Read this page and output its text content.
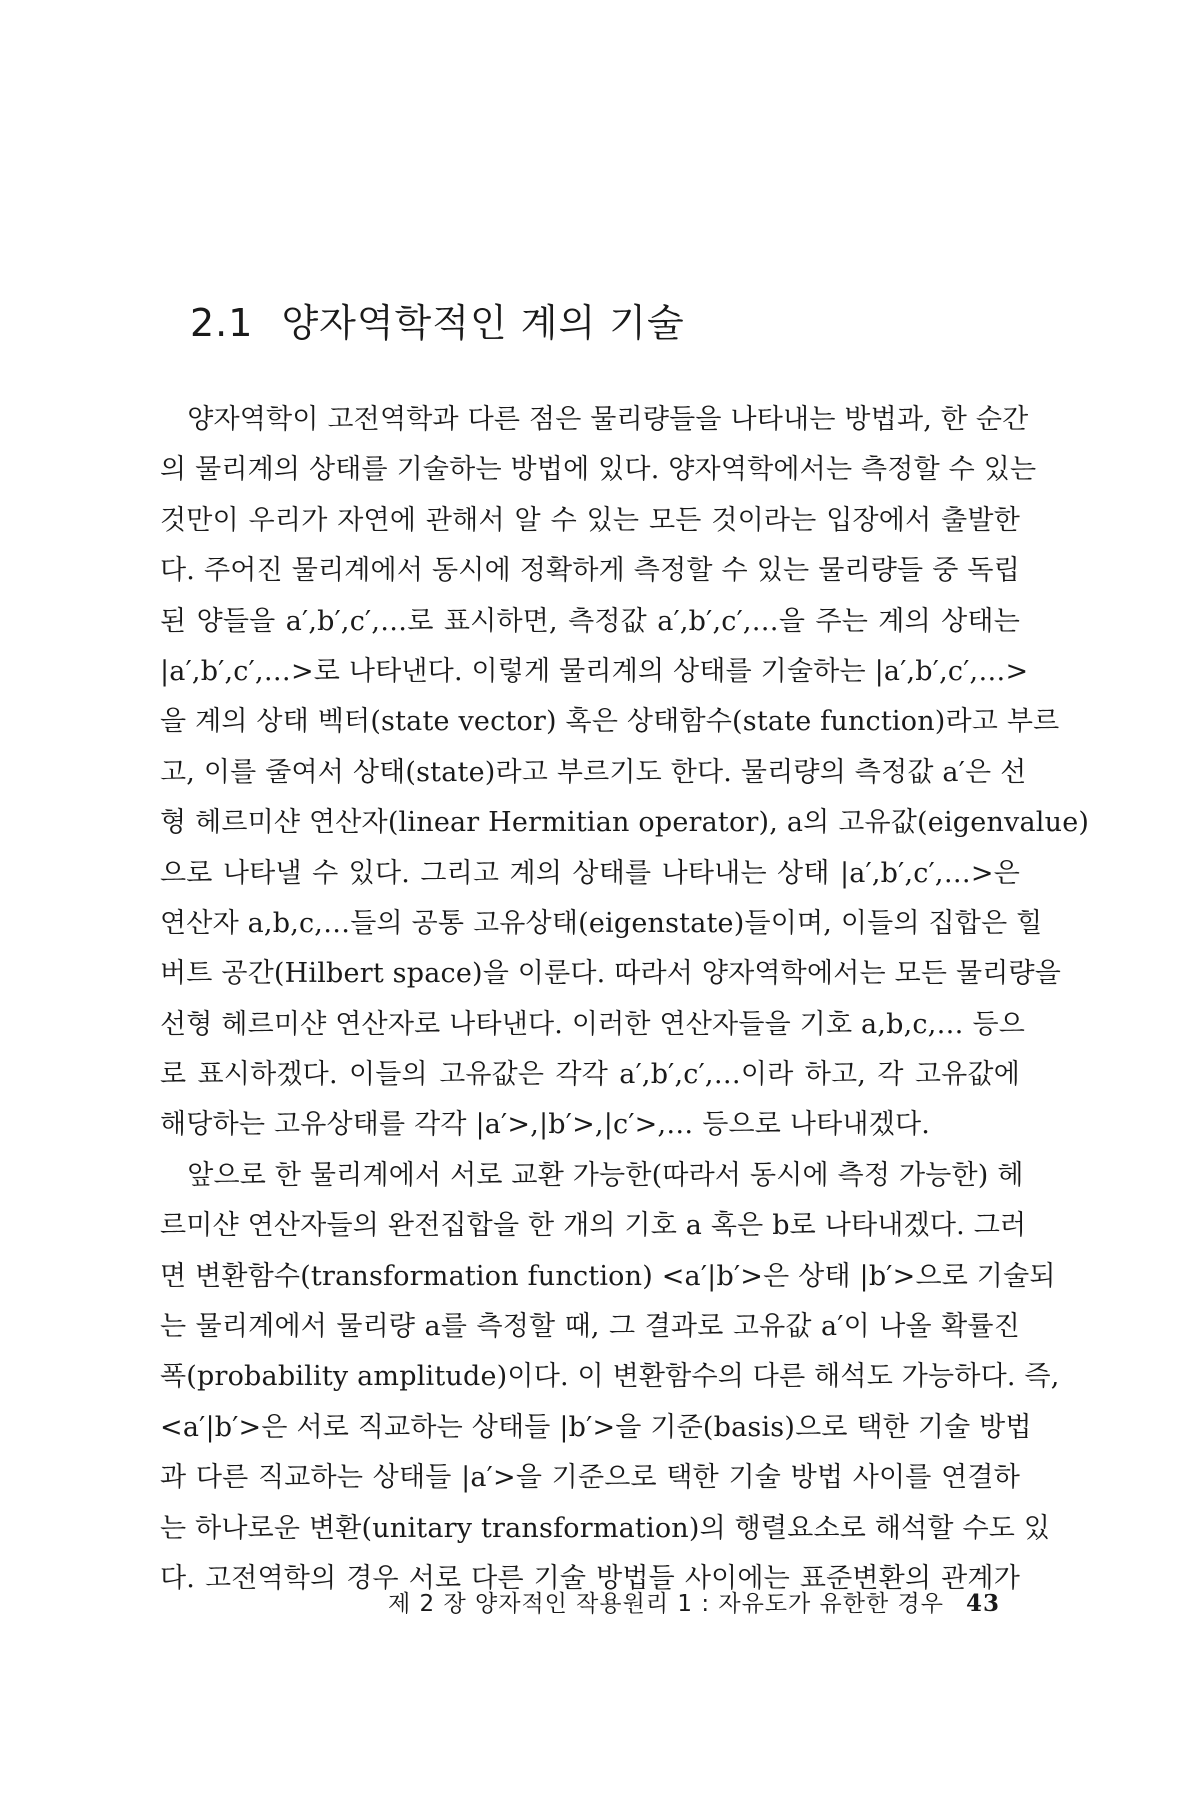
2.1 양자역학적인 계의 기술
　양자역학이 고전역학과 다른 점은 물리량들을 나타내는 방법과, 한 순간
의 물리계의 상태를 기술하는 방법에 있다. 양자역학에서는 측정할 수 있는
것만이 우리가 자연에 관해서 알 수 있는 모든 것이라는 입장에서 출발한
다. 주어진 물리계에서 동시에 정확하게 측정할 수 있는 물리량들 중 독립
된 양들을 a′,b′,c′,…로 표시하면, 측정값 a′,b′,c′,…을 주는 계의 상태는
|a′,b′,c′,…>로 나타낸다. 이렇게 물리계의 상태를 기술하는 |a′,b′,c′,…>
을 계의 상태 벡터(state vector) 혹은 상태함수(state function)라고 부르
고, 이를 줄여서 상태(state)라고 부르기도 한다. 물리량의 측정값 a′은 선
형 헤르미샨 연산자(linear Hermitian operator), a의 고유값(eigenvalue)
으로 나타낼 수 있다. 그리고 계의 상태를 나타내는 상태 |a′,b′,c′,…>은
연산자 a,b,c,…들의 공통 고유상태(eigenstate)들이며, 이들의 집합은 힐
버트 공간(Hilbert space)을 이룬다. 따라서 양자역학에서는 모든 물리량을
선형 헤르미샨 연산자로 나타낸다. 이러한 연산자들을 기호 a,b,c,… 등으
로 표시하겠다. 이들의 고유값은 각각 a′,b′,c′,…이라 하고, 각 고유값에
해당하는 고유상태를 각각 |a′>,|b′>,|c′>,… 등으로 나타내겠다.
　앞으로 한 물리계에서 서로 교환 가능한(따라서 동시에 측정 가능한) 헤
르미샨 연산자들의 완전집합을 한 개의 기호 a 혹은 b로 나타내겠다. 그러
면 변환함수(transformation function) <a′|b′>은 상태 |b′>으로 기술되
는 물리계에서 물리량 a를 측정할 때, 그 결과로 고유값 a′이 나올 확률진
폭(probability amplitude)이다. 이 변환함수의 다른 해석도 가능하다. 즉,
<a′|b′>은 서로 직교하는 상태들 |b′>을 기준(basis)으로 택한 기술 방법
과 다른 직교하는 상태들 |a′>을 기준으로 택한 기술 방법 사이를 연결하
는 하나로운 변환(unitary transformation)의 행렬요소로 해석할 수도 있
다. 고전역학의 경우 서로 다른 기술 방법들 사이에는 표준변환의 관계가
제 2 장 양자적인 작용원리 1 : 자유도가 유한한 경우 43
